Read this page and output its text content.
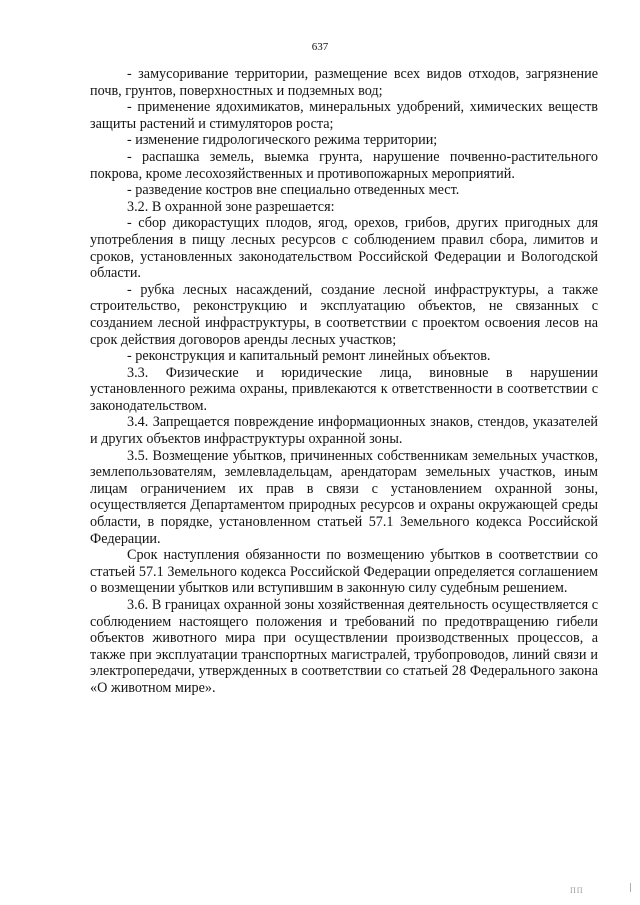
637

- замусоривание территории, размещение всех видов отходов, загрязнение почв, грунтов, поверхностных и подземных вод;

- применение ядохимикатов, минеральных удобрений, химических веществ защиты растений и стимуляторов роста;

- изменение гидрологического режима территории;

- распашка земель, выемка грунта, нарушение почвенно-растительного покрова, кроме лесохозяйственных и противопожарных мероприятий.

- разведение костров вне специально отведенных мест.

3.2. В охранной зоне разрешается:

- сбор дикорастущих плодов, ягод, орехов, грибов, других пригодных для употребления в пищу лесных ресурсов с соблюдением правил сбора, лимитов и сроков, установленных законодательством Российской Федерации и Вологодской области.

- рубка лесных насаждений, создание лесной инфраструктуры, а также строительство, реконструкцию и эксплуатацию объектов, не связанных с созданием лесной инфраструктуры, в соответствии с проектом освоения лесов на срок действия договоров аренды лесных участков;

- реконструкция и капитальный ремонт линейных объектов.

3.3. Физические и юридические лица, виновные в нарушении установленного режима охраны, привлекаются к ответственности в соответствии с законодательством.

3.4. Запрещается повреждение информационных знаков, стендов, указателей и других объектов инфраструктуры охранной зоны.

3.5. Возмещение убытков, причиненных собственникам земельных участков, землепользователям, землевладельцам, арендаторам земельных участков, иным лицам ограничением их прав в связи с установлением охранной зоны, осуществляется Департаментом природных ресурсов и охраны окружающей среды области, в порядке, установленном статьей 57.1 Земельного кодекса Российской Федерации.

Срок наступления обязанности по возмещению убытков в соответствии со статьей 57.1 Земельного кодекса Российской Федерации определяется соглашением о возмещении убытков или вступившим в законную силу судебным решением.

3.6. В границах охранной зоны хозяйственная деятельность осуществляется с соблюдением настоящего положения и требований по предотвращению гибели объектов животного мира при осуществлении производственных процессов, а также при эксплуатации транспортных магистралей, трубопроводов, линий связи и электропередачи, утвержденных в соответствии со статьей 28 Федерального закона «О животном мире».

ПП
